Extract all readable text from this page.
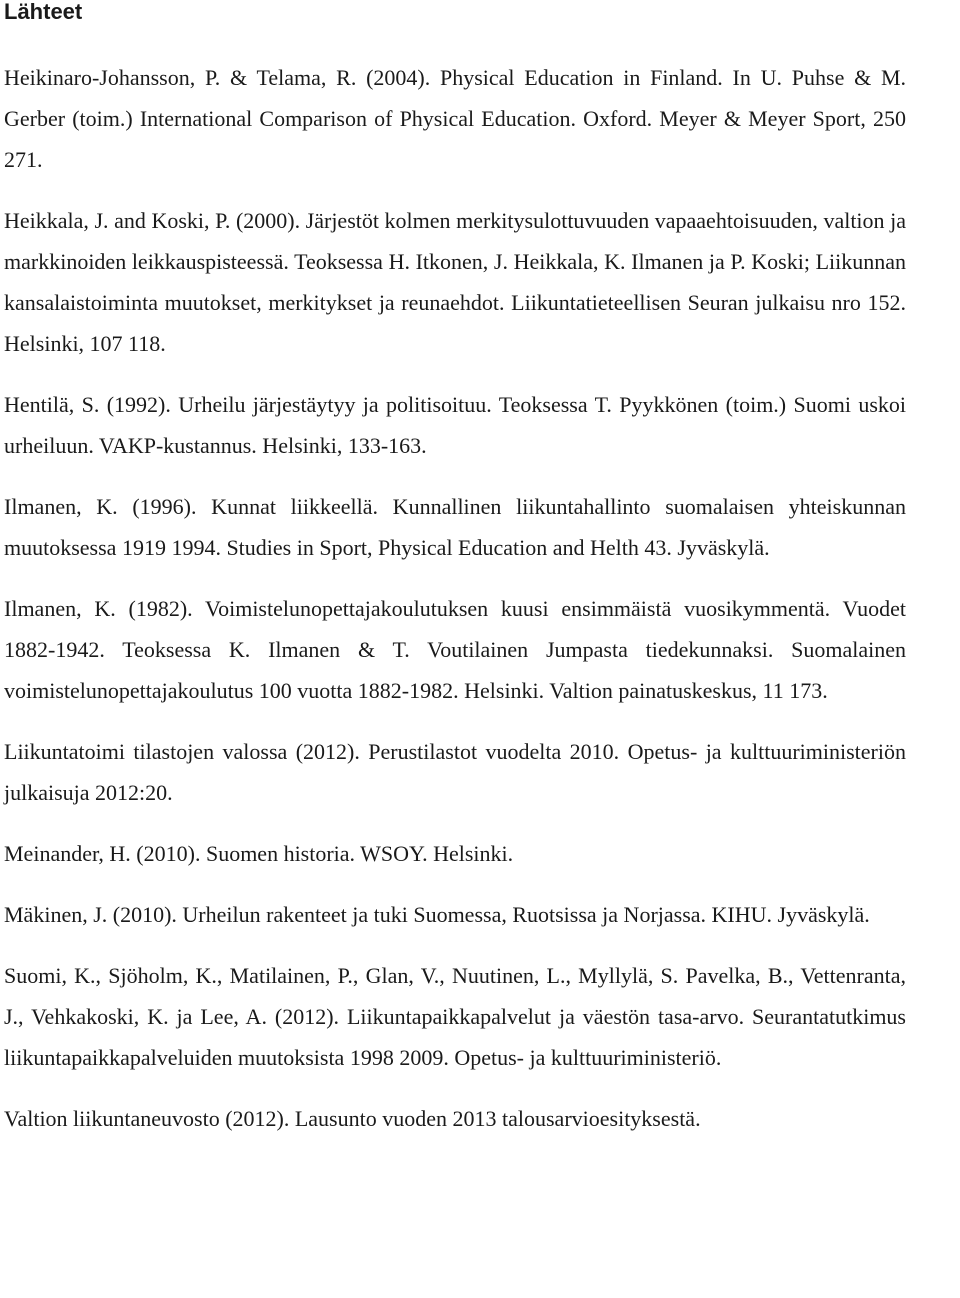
Lähteet

Heikinaro-Johansson, P. & Telama, R. (2004). Physical Education in Finland. In U. Puhse & M. Gerber (toim.) International Comparison of Physical Education. Oxford. Meyer & Meyer Sport, 250 271.

Heikkala, J. and Koski, P. (2000). Järjestöt kolmen merkitysulottuvuuden vapaaehtoisuuden, valtion ja markkinoiden leikkauspisteessä. Teoksessa H. Itkonen, J. Heikkala, K. Ilmanen ja P. Koski; Liikunnan kansalaistoiminta muutokset, merkitykset ja reunaehdot. Liikuntatieteellisen Seuran julkaisu nro 152. Helsinki, 107 118.

Hentilä, S. (1992). Urheilu järjestäytyy ja politisoituu. Teoksessa T. Pyykkönen (toim.) Suomi uskoi urheiluun. VAKP-kustannus. Helsinki, 133-163.

Ilmanen, K. (1996). Kunnat liikkeellä. Kunnallinen liikuntahallinto suomalaisen yhteiskunnan muutoksessa 1919 1994. Studies in Sport, Physical Education and Helth 43. Jyväskylä.

Ilmanen, K. (1982). Voimistelunopettajakoulutuksen kuusi ensimmäistä vuosikymmentä. Vuodet 1882-1942. Teoksessa K. Ilmanen & T. Voutilainen Jumpasta tiedekunnaksi. Suomalainen voimistelunopettajakoulutus 100 vuotta 1882-1982. Helsinki. Valtion painatuskeskus, 11 173.

Liikuntatoimi tilastojen valossa (2012). Perustilastot vuodelta 2010. Opetus- ja kulttuuriministeriön julkaisuja 2012:20.

Meinander, H. (2010). Suomen historia. WSOY. Helsinki.

Mäkinen, J. (2010). Urheilun rakenteet ja tuki Suomessa, Ruotsissa ja Norjassa. KIHU. Jyväskylä.

Suomi, K., Sjöholm, K., Matilainen, P., Glan, V., Nuutinen, L., Myllylä, S. Pavelka, B., Vettenranta, J., Vehkakoski, K. ja Lee, A. (2012). Liikuntapaikkapalvelut ja väestön tasa-arvo. Seurantatutkimus liikuntapaikkapalveluiden muutoksista 1998 2009. Opetus- ja kulttuuriministeriö.

Valtion liikuntaneuvosto (2012). Lausunto vuoden 2013 talousarvioesityksestä.
